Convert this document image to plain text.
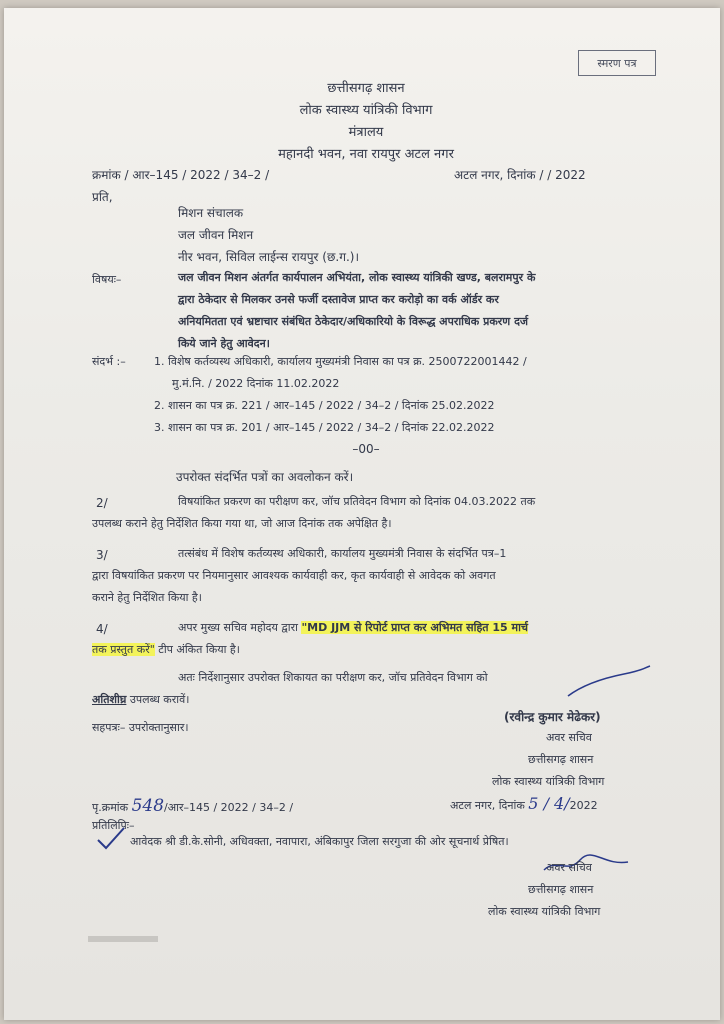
स्मरण पत्र
छत्तीसगढ़ शासन
लोक स्वास्थ्य यांत्रिकी विभाग
मंत्रालय
महानदी भवन, नवा रायपुर अटल नगर
क्रमांक / आर–145 / 2022 / 34–2 /	अटल नगर, दिनांक / / 2022
प्रति,
मिशन संचालक
जल जीवन मिशन
नीर भवन, सिविल लाईन्स रायपुर (छ.ग.)।
विषयः–	जल जीवन मिशन अंतर्गत कार्यपालन अभियंता, लोक स्वास्थ्य यांत्रिकी खण्ड, बलरामपुर के
द्वारा ठेकेदार से मिलकर उनसे फर्जी दस्तावेज प्राप्त कर करोड़ो का वर्क ऑर्डर कर
अनियमितता एवं भ्रष्टाचार संबंधित ठेकेदार/अधिकारियो के विरूद्ध अपराधिक प्रकरण दर्ज
किये जाने हेतु आवेदन।
संदर्भ :–	1. विशेष कर्तव्यस्थ अधिकारी, कार्यालय मुख्यमंत्री निवास का पत्र क्र. 2500722001442 /
मु.मं.नि. / 2022 दिनांक 11.02.2022
2. शासन का पत्र क्र. 221 / आर–145 / 2022 / 34–2 / दिनांक 25.02.2022
3. शासन का पत्र क्र. 201 / आर–145 / 2022 / 34–2 / दिनांक 22.02.2022
–00–
उपरोक्त संदर्भित पत्रों का अवलोकन करें।
2/	विषयांकित प्रकरण का परीक्षण कर, जॉच प्रतिवेदन विभाग को दिनांक 04.03.2022 तक
उपलब्ध कराने हेतु निर्देशित किया गया था, जो आज दिनांक तक अपेक्षित है।
3/	तत्संबंध में विशेष कर्तव्यस्थ अधिकारी, कार्यालय मुख्यमंत्री निवास के संदर्भित पत्र–1
द्वारा विषयांकित प्रकरण पर नियमानुसार आवश्यक कार्यवाही कर, कृत कार्यवाही से आवेदक को अवगत
कराने हेतु निर्देशित किया है।
4/	अपर मुख्य सचिव महोदय द्वारा "MD JJM से रिपोर्ट प्राप्त कर अभिमत सहित 15 मार्च
तक प्रस्तुत करें" टीप अंकित किया है।
अतः निर्देशानुसार उपरोक्त शिकायत का परीक्षण कर, जॉच प्रतिवेदन विभाग को
अतिशीघ्र उपलब्ध करावें।
(रवीन्द्र कुमार मेढेकर)
सहपत्रः– उपरोक्तानुसार।
अवर सचिव
छत्तीसगढ़ शासन
लोक स्वास्थ्य यांत्रिकी विभाग
पृ.क्रमांक 548/आर–145 / 2022 / 34–2 /	अटल नगर, दिनांक 5 / 4/2022
प्रतिलिपिः–
आवेदक श्री डी.के.सोनी, अधिवक्ता, नवापारा, अंबिकापुर जिला सरगुजा की ओर सूचनार्थ प्रेषित।
अवर सचिव
छत्तीसगढ़ शासन
लोक स्वास्थ्य यांत्रिकी विभाग
